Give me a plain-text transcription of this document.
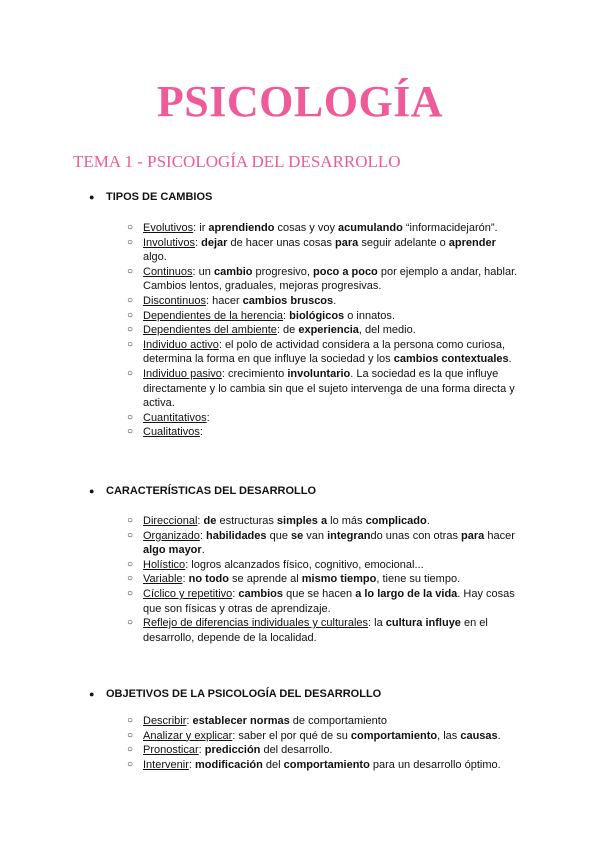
PSICOLOGÍA
TEMA 1 - PSICOLOGÍA DEL DESARROLLO
● TIPOS DE CAMBIOS
○ Evolutivos: ir aprendiendo cosas y voy acumulando “informacidejarón”.
○ Involutivos: dejar de hacer unas cosas para seguir adelante o aprender algo.
○ Continuos: un cambio progresivo, poco a poco por ejemplo a andar, hablar. Cambios lentos, graduales, mejoras progresivas.
○ Discontinuos: hacer cambios bruscos.
○ Dependientes de la herencia: biológicos o innatos.
○ Dependientes del ambiente: de experiencia, del medio.
○ Individuo activo: el polo de actividad considera a la persona como curiosa, determina la forma en que influye la sociedad y los cambios contextuales.
○ Individuo pasivo: crecimiento involuntario. La sociedad es la que influye directamente y lo cambia sin que el sujeto intervenga de una forma directa y activa.
○ Cuantitativos:
○ Cualitativos:
● CARACTERÍSTICAS DEL DESARROLLO
○ Direccional: de estructuras simples a lo más complicado.
○ Organizado: habilidades que se van integrando unas con otras para hacer algo mayor.
○ Holístico: logros alcanzados físico, cognitivo, emocional...
○ Variable: no todo se aprende al mismo tiempo, tiene su tiempo.
○ Cíclico y repetitivo: cambios que se hacen a lo largo de la vida. Hay cosas que son físicas y otras de aprendizaje.
○ Reflejo de diferencias individuales y culturales: la cultura influye en el desarrollo, depende de la localidad.
● OBJETIVOS DE LA PSICOLOGÍA DEL DESARROLLO
○ Describir: establecer normas de comportamiento
○ Analizar y explicar: saber el por qué de su comportamiento, las causas.
○ Pronosticar: predicción del desarrollo.
○ Intervenir: modificación del comportamiento para un desarrollo óptimo.
